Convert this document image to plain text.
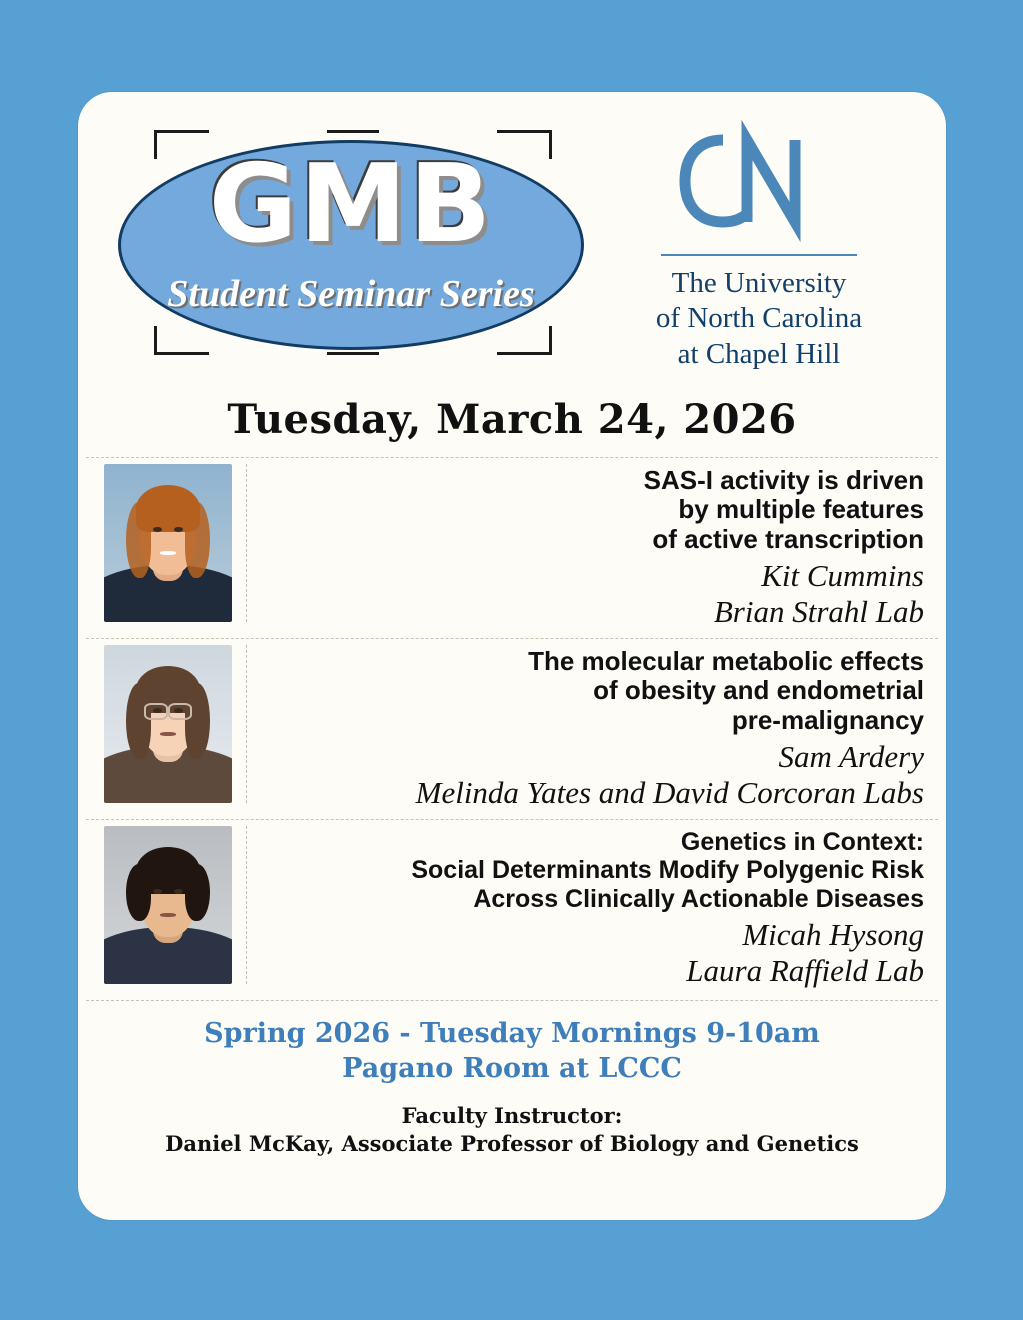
GMB
Student Seminar Series	The University
of North Carolina
at Chapel Hill
Tuesday, March 24, 2026
SAS-I activity is driven
by multiple features
of active transcription
Kit Cummins
Brian Strahl Lab
The molecular metabolic effects
of obesity and endometrial
pre-malignancy
Sam Ardery
Melinda Yates and David Corcoran Labs
Genetics in Context:
Social Determinants Modify Polygenic Risk
Across Clinically Actionable Diseases
Micah Hysong
Laura Raffield Lab
Spring 2026 - Tuesday Mornings 9-10am
Pagano Room at LCCC
Faculty Instructor:
Daniel McKay, Associate Professor of Biology and Genetics
